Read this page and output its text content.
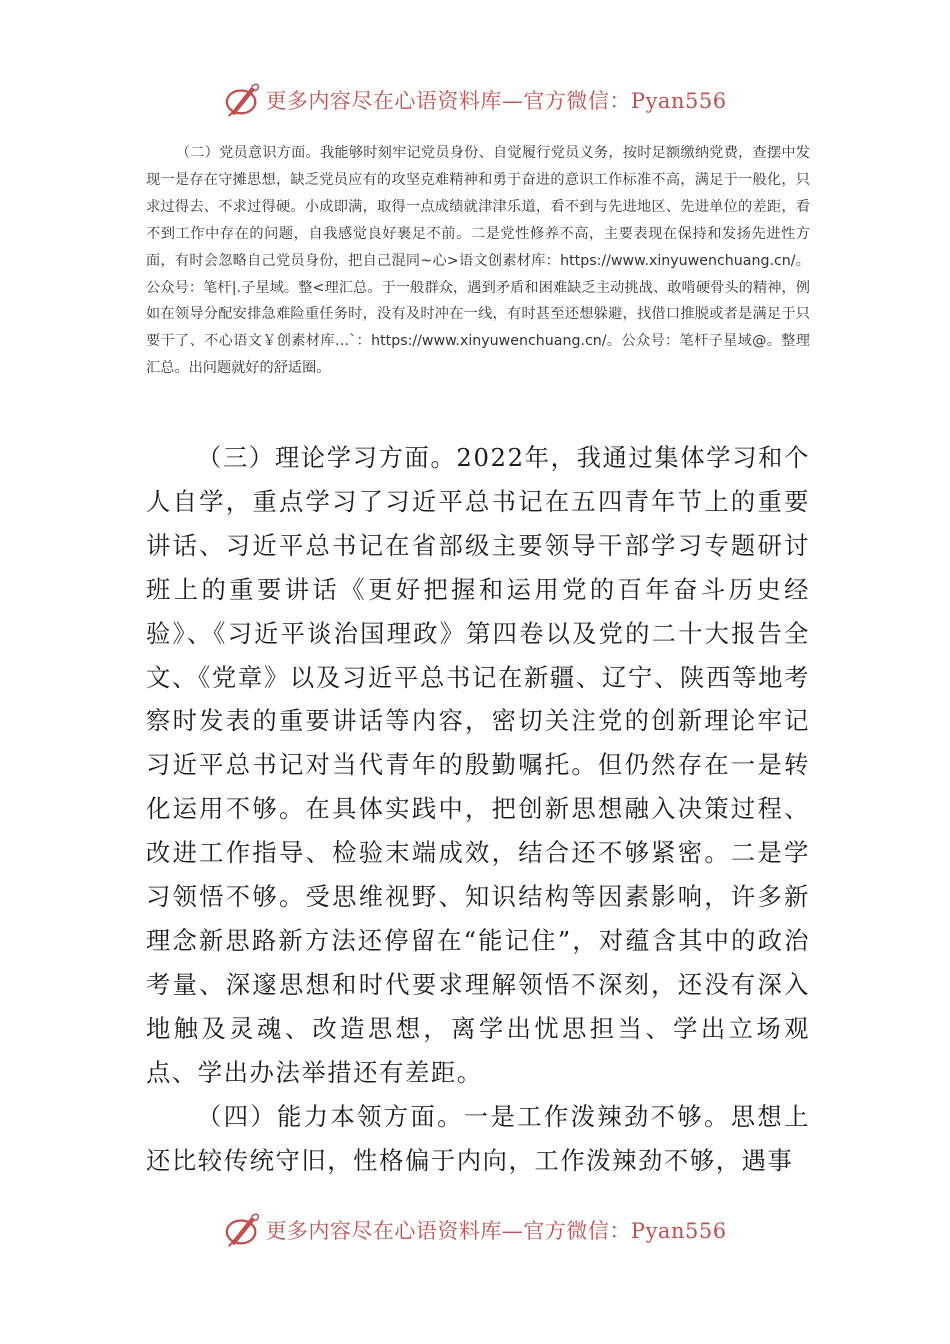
更多内容尽在心语资料库—官方微信：Pyan556

（二）党员意识方面。我能够时刻牢记党员身份、自觉履行党员义务，按时足额缴纳党费，查摆中发现一是存在守摊思想，缺乏党员应有的攻坚克难精神和勇于奋进的意识工作标准不高，满足于一般化，只求过得去、不求过得硬。小成即满，取得一点成绩就津津乐道，看不到与先进地区、先进单位的差距，看不到工作中存在的问题，自我感觉良好裹足不前。二是党性修养不高，主要表现在保持和发扬先进性方面，有时会忽略自己党员身份，把自己混同~心>语文创素材库：https://www.xinyuwenchuang.cn/。公众号：笔杆|.子星域。整<理汇总。于一般群众，遇到矛盾和困难缺乏主动挑战、敢啃硬骨头的精神，例如在领导分配安排急难险重任务时，没有及时冲在一线，有时甚至还想躲避，找借口推脱或者是满足于只要干了、不心语文￥创素材库…`：https://www.xinyuwenchuang.cn/。公众号：笔杆子星域@。整理汇总。出问题就好的舒适圈。

（三）理论学习方面。2022年，我通过集体学习和个人自学，重点学习了习近平总书记在五四青年节上的重要讲话、习近平总书记在省部级主要领导干部学习专题研讨班上的重要讲话《更好把握和运用党的百年奋斗历史经验》、《习近平谈治国理政》第四卷以及党的二十大报告全文、《党章》以及习近平总书记在新疆、辽宁、陕西等地考察时发表的重要讲话等内容，密切关注党的创新理论牢记习近平总书记对当代青年的殷勤嘱托。但仍然存在一是转化运用不够。在具体实践中，把创新思想融入决策过程、改进工作指导、检验末端成效，结合还不够紧密。二是学习领悟不够。受思维视野、知识结构等因素影响，许多新理念新思路新方法还停留在“能记住”，对蕴含其中的政治考量、深邃思想和时代要求理解领悟不深刻，还没有深入地触及灵魂、改造思想，离学出忧思担当、学出立场观点、学出办法举措还有差距。

（四）能力本领方面。一是工作泼辣劲不够。思想上还比较传统守旧，性格偏于内向，工作泼辣劲不够，遇事

更多内容尽在心语资料库—官方微信：Pyan556
